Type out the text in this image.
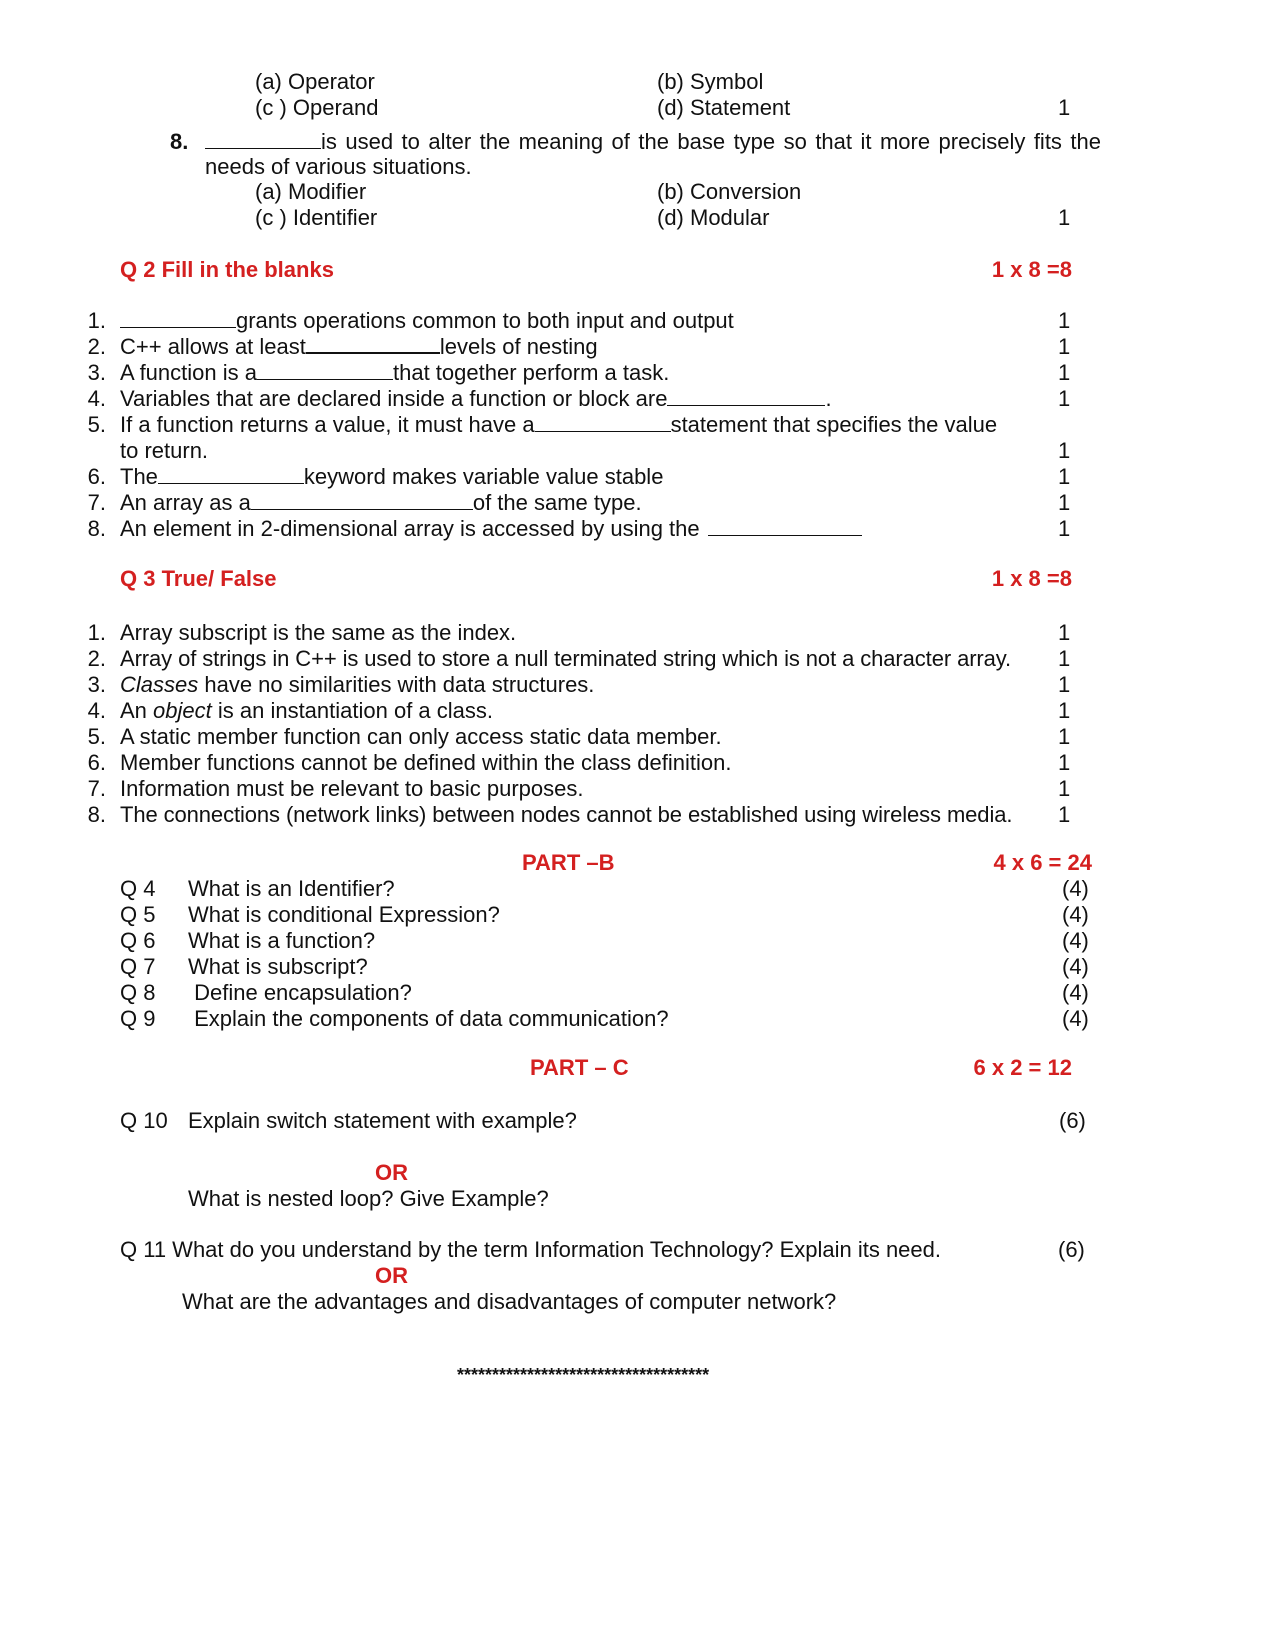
(a) Operator	(b) Symbol
(c ) Operand	(d) Statement	1
8.	is used to alter the meaning of the base type so that it more precisely fits the
needs of various situations.
(a) Modifier	(b) Conversion
(c ) Identifier	(d) Modular	1
Q 2 Fill in the blanks	1 x 8 =8
1.	grants operations common to both input and output	1
2. C++ allows at least	levels of nesting	1
3. A function is a	that together perform a task.	1
4. Variables that are declared inside a function or block are	.	1
5. If a function returns a value, it must have a	statement that specifies the value
to return.	1
6. The	keyword makes variable value stable	1
7. An array as a	of the same type.	1
8. An element in 2-dimensional array is accessed by using the	1
Q 3 True/ False	1 x 8 =8
1. Array subscript is the same as the index.	1
2. Array of strings in C++ is used to store a null terminated string which is not a character array. 1
3. Classes have no similarities with data structures.	1
4. An object is an instantiation of a class.	1
5. A static member function can only access static data member.	1
6. Member functions cannot be defined within the class definition.	1
7. Information must be relevant to basic purposes.	1
8. The connections (network links) between nodes cannot be established using wireless media. 1
PART –B	4 x 6 = 24
Q 4 What is an Identifier?	(4)
Q 5 What is conditional Expression?	(4)
Q 6 What is a function?	(4)
Q 7 What is subscript?	(4)
Q 8 Define encapsulation?	(4)
Q 9 Explain the components of data communication?	(4)
PART – C	6 x 2 = 12
Q 10 Explain switch statement with example?	(6)
OR
What is nested loop? Give Example?
Q 11 What do you understand by the term Information Technology? Explain its need.	(6)
OR
What are the advantages and disadvantages of computer network?
************************************
